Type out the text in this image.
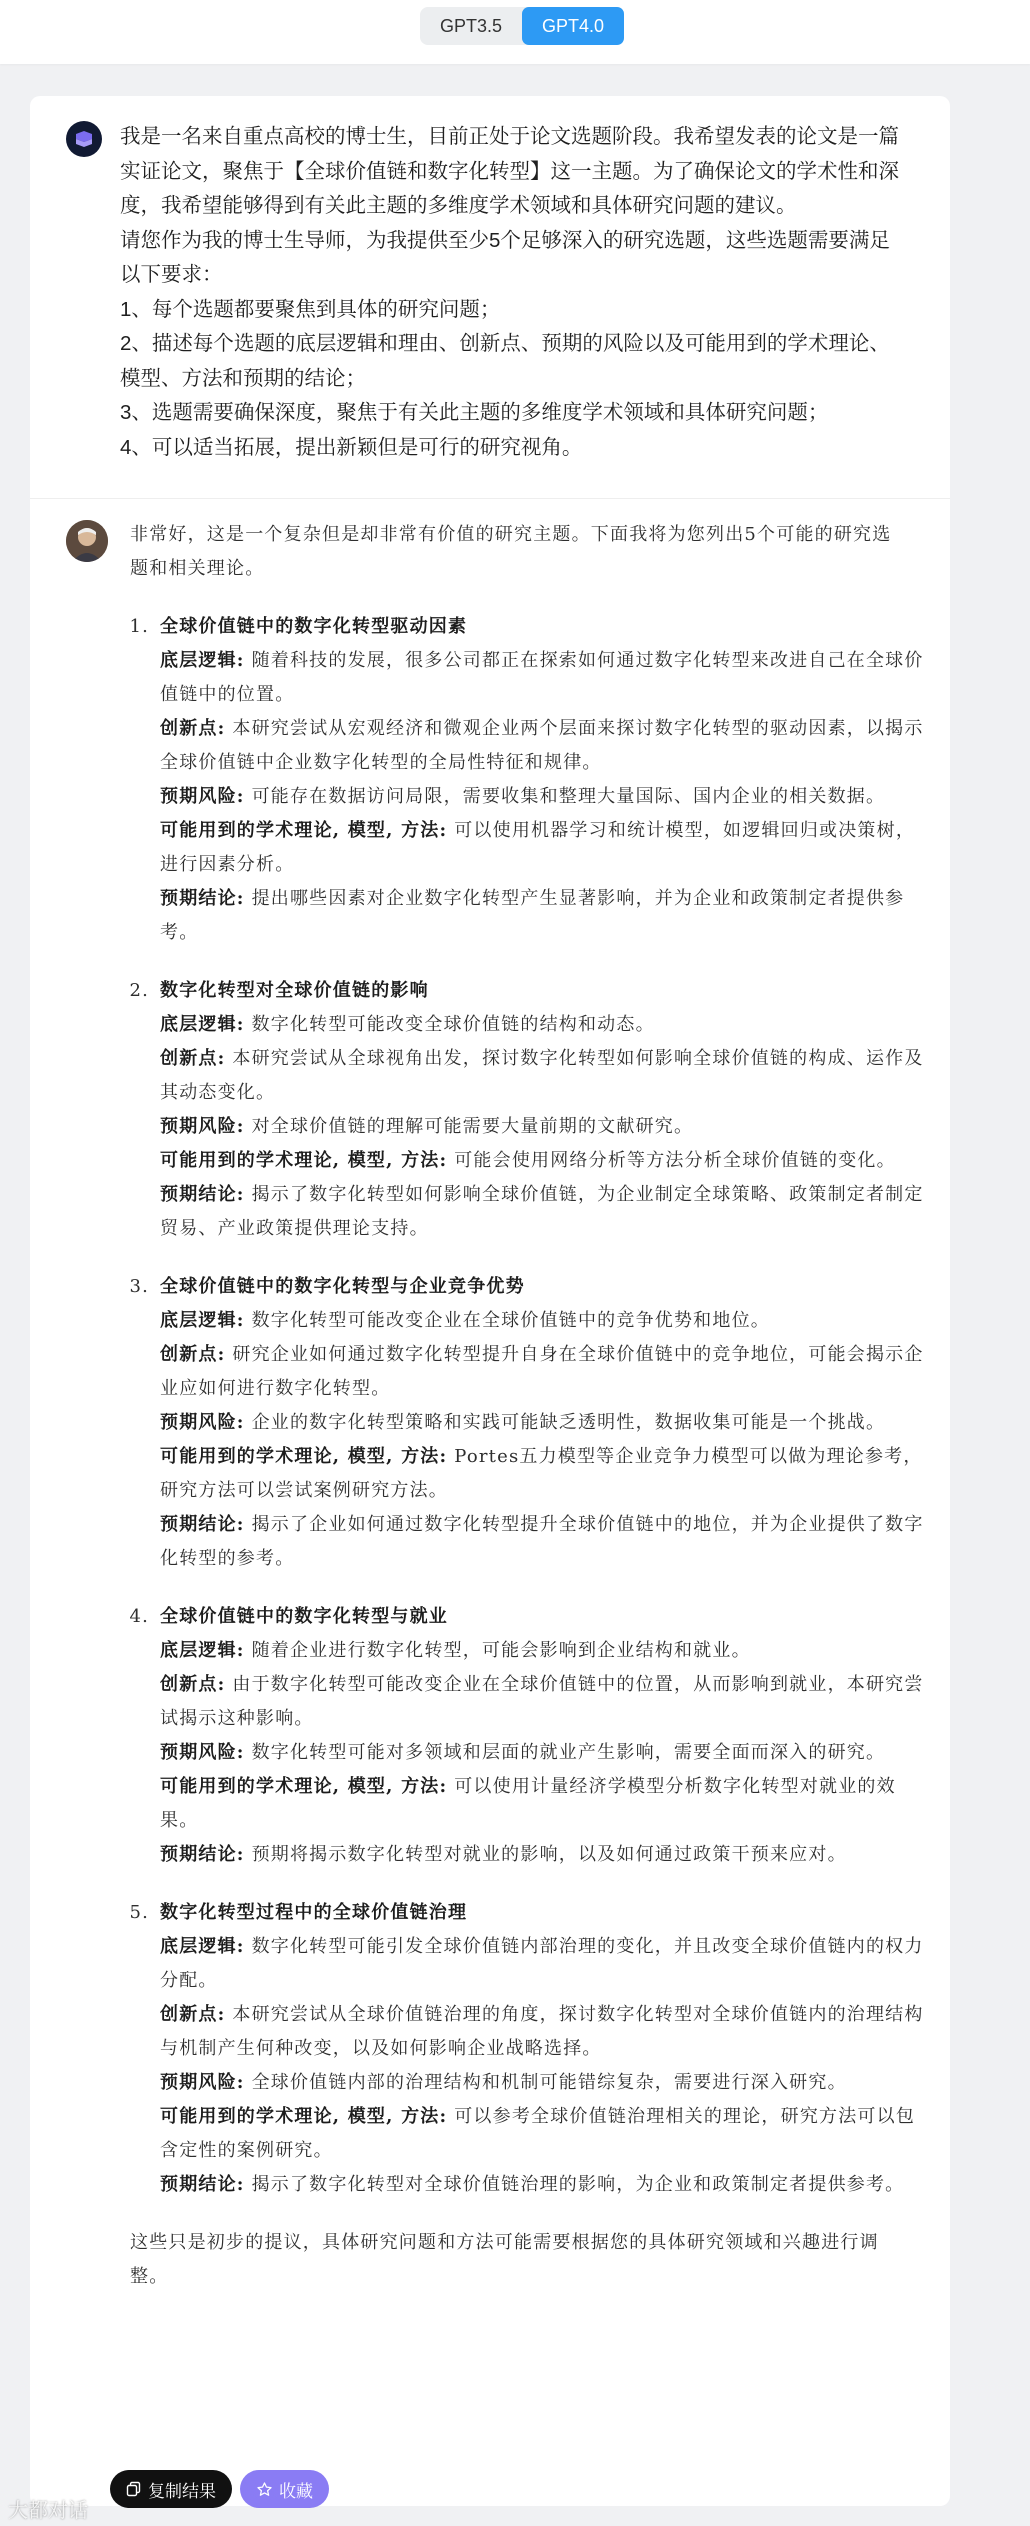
GPT3.5	GPT4.0

我是一名来自重点高校的博士生，目前正处于论文选题阶段。我希望发表的论文是一篇实证论文，聚焦于【全球价值链和数字化转型】这一主题。为了确保论文的学术性和深度，我希望能够得到有关此主题的多维度学术领域和具体研究问题的建议。

请您作为我的博士生导师，为我提供至少5个足够深入的研究选题，这些选题需要满足以下要求：

1、每个选题都要聚焦到具体的研究问题；

2、描述每个选题的底层逻辑和理由、创新点、预期的风险以及可能用到的学术理论、模型、方法和预期的结论；

3、选题需要确保深度，聚焦于有关此主题的多维度学术领域和具体研究问题；

4、可以适当拓展，提出新颖但是可行的研究视角。

非常好，这是一个复杂但是却非常有价值的研究主题。下面我将为您列出5个可能的研究选题和相关理论。

1. 全球价值链中的数字化转型驱动因素

底层逻辑: 随着科技的发展，很多公司都正在探索如何通过数字化转型来改进自己在全球价值链中的位置。

创新点: 本研究尝试从宏观经济和微观企业两个层面来探讨数字化转型的驱动因素，以揭示全球价值链中企业数字化转型的全局性特征和规律。

预期风险: 可能存在数据访问局限，需要收集和整理大量国际、国内企业的相关数据。

可能用到的学术理论, 模型, 方法: 可以使用机器学习和统计模型，如逻辑回归或决策树，进行因素分析。

预期结论: 提出哪些因素对企业数字化转型产生显著影响，并为企业和政策制定者提供参考。

2. 数字化转型对全球价值链的影响

底层逻辑: 数字化转型可能改变全球价值链的结构和动态。

创新点: 本研究尝试从全球视角出发，探讨数字化转型如何影响全球价值链的构成、运作及其动态变化。

预期风险: 对全球价值链的理解可能需要大量前期的文献研究。

可能用到的学术理论, 模型, 方法: 可能会使用网络分析等方法分析全球价值链的变化。

预期结论: 揭示了数字化转型如何影响全球价值链，为企业制定全球策略、政策制定者制定贸易、产业政策提供理论支持。

3. 全球价值链中的数字化转型与企业竞争优势

底层逻辑: 数字化转型可能改变企业在全球价值链中的竞争优势和地位。

创新点: 研究企业如何通过数字化转型提升自身在全球价值链中的竞争地位，可能会揭示企业应如何进行数字化转型。

预期风险: 企业的数字化转型策略和实践可能缺乏透明性，数据收集可能是一个挑战。

可能用到的学术理论, 模型, 方法: Portes五力模型等企业竞争力模型可以做为理论参考，研究方法可以尝试案例研究方法。

预期结论: 揭示了企业如何通过数字化转型提升全球价值链中的地位，并为企业提供了数字化转型的参考。

4. 全球价值链中的数字化转型与就业

底层逻辑: 随着企业进行数字化转型，可能会影响到企业结构和就业。

创新点: 由于数字化转型可能改变企业在全球价值链中的位置，从而影响到就业，本研究尝试揭示这种影响。

预期风险: 数字化转型可能对多领域和层面的就业产生影响，需要全面而深入的研究。

可能用到的学术理论, 模型, 方法: 可以使用计量经济学模型分析数字化转型对就业的效果。

预期结论: 预期将揭示数字化转型对就业的影响，以及如何通过政策干预来应对。

5. 数字化转型过程中的全球价值链治理

底层逻辑: 数字化转型可能引发全球价值链内部治理的变化，并且改变全球价值链内的权力分配。

创新点: 本研究尝试从全球价值链治理的角度，探讨数字化转型对全球价值链内的治理结构与机制产生何种改变，以及如何影响企业战略选择。

预期风险: 全球价值链内部的治理结构和机制可能错综复杂，需要进行深入研究。

可能用到的学术理论, 模型, 方法: 可以参考全球价值链治理相关的理论，研究方法可以包含定性的案例研究。

预期结论: 揭示了数字化转型对全球价值链治理的影响，为企业和政策制定者提供参考。

这些只是初步的提议，具体研究问题和方法可能需要根据您的具体研究领域和兴趣进行调整。

复制结果	收藏
大都对话
